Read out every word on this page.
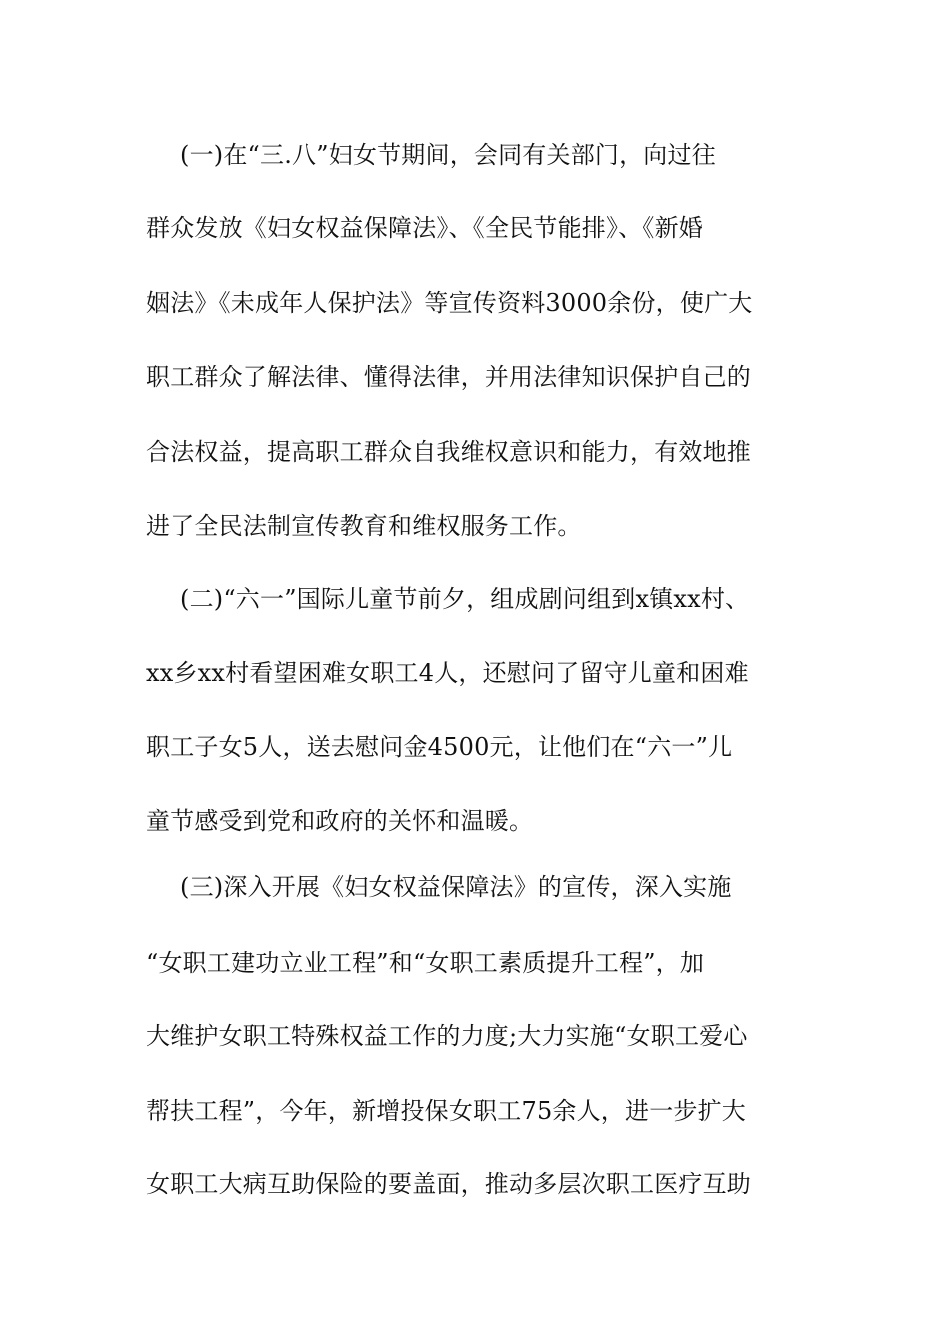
(一)在“三.八”妇女节期间，会同有关部门，向过往
群众发放《妇女权益保障法》、《全民节能排》、《新婚
姻法》《未成年人保护法》等宣传资料3000余份，使广大
职工群众了解法律、懂得法律，并用法律知识保护自己的
合法权益，提高职工群众自我维权意识和能力，有效地推
进了全民法制宣传教育和维权服务工作。
(二)“六一”国际儿童节前夕，组成剧问组到x镇xx村、
xx乡xx村看望困难女职工4人，还慰问了留守儿童和困难
职工子女5人，送去慰问金4500元，让他们在“六一”儿
童节感受到党和政府的关怀和温暖。
(三)深入开展《妇女权益保障法》的宣传，深入实施
“女职工建功立业工程”和“女职工素质提升工程”，加
大维护女职工特殊权益工作的力度;大力实施“女职工爱心
帮扶工程”，今年，新增投保女职工75余人，进一步扩大
女职工大病互助保险的要盖面，推动多层次职工医疗互助
